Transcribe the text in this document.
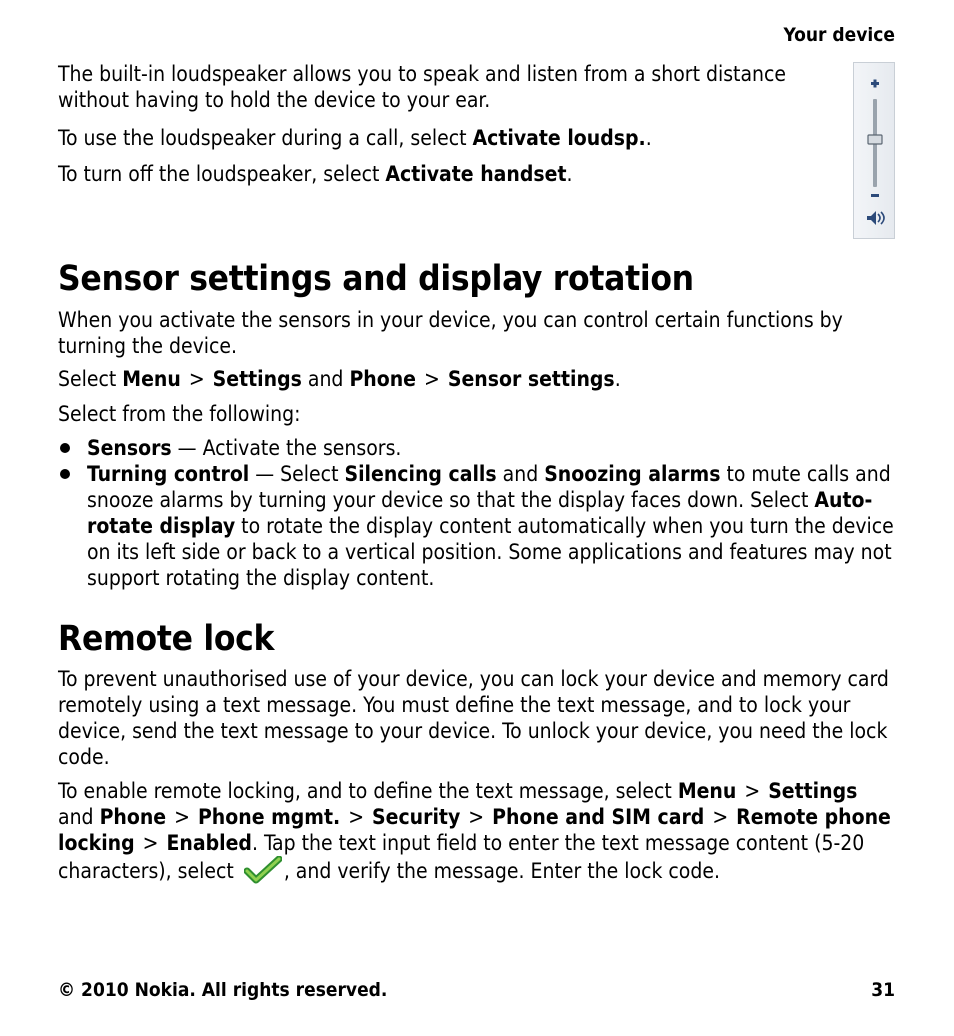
Your device

The built-in loudspeaker allows you to speak and listen from a short distance without having to hold the device to your ear.

To use the loudspeaker during a call, select Activate loudsp..

To turn off the loudspeaker, select Activate handset.

Sensor settings and display rotation

When you activate the sensors in your device, you can control certain functions by turning the device.

Select Menu > Settings and Phone > Sensor settings.

Select from the following:

Sensors — Activate the sensors.
Turning control — Select Silencing calls and Snoozing alarms to mute calls and snooze alarms by turning your device so that the display faces down. Select Auto-rotate display to rotate the display content automatically when you turn the device on its left side or back to a vertical position. Some applications and features may not support rotating the display content.
Remote lock

To prevent unauthorised use of your device, you can lock your device and memory card remotely using a text message. You must define the text message, and to lock your device, send the text message to your device. To unlock your device, you need the lock code.

To enable remote locking, and to define the text message, select Menu > Settings and Phone > Phone mgmt. > Security > Phone and SIM card > Remote phone locking > Enabled. Tap the text input field to enter the text message content (5-20 characters), select , and verify the message. Enter the lock code.

© 2010 Nokia. All rights reserved.	31
